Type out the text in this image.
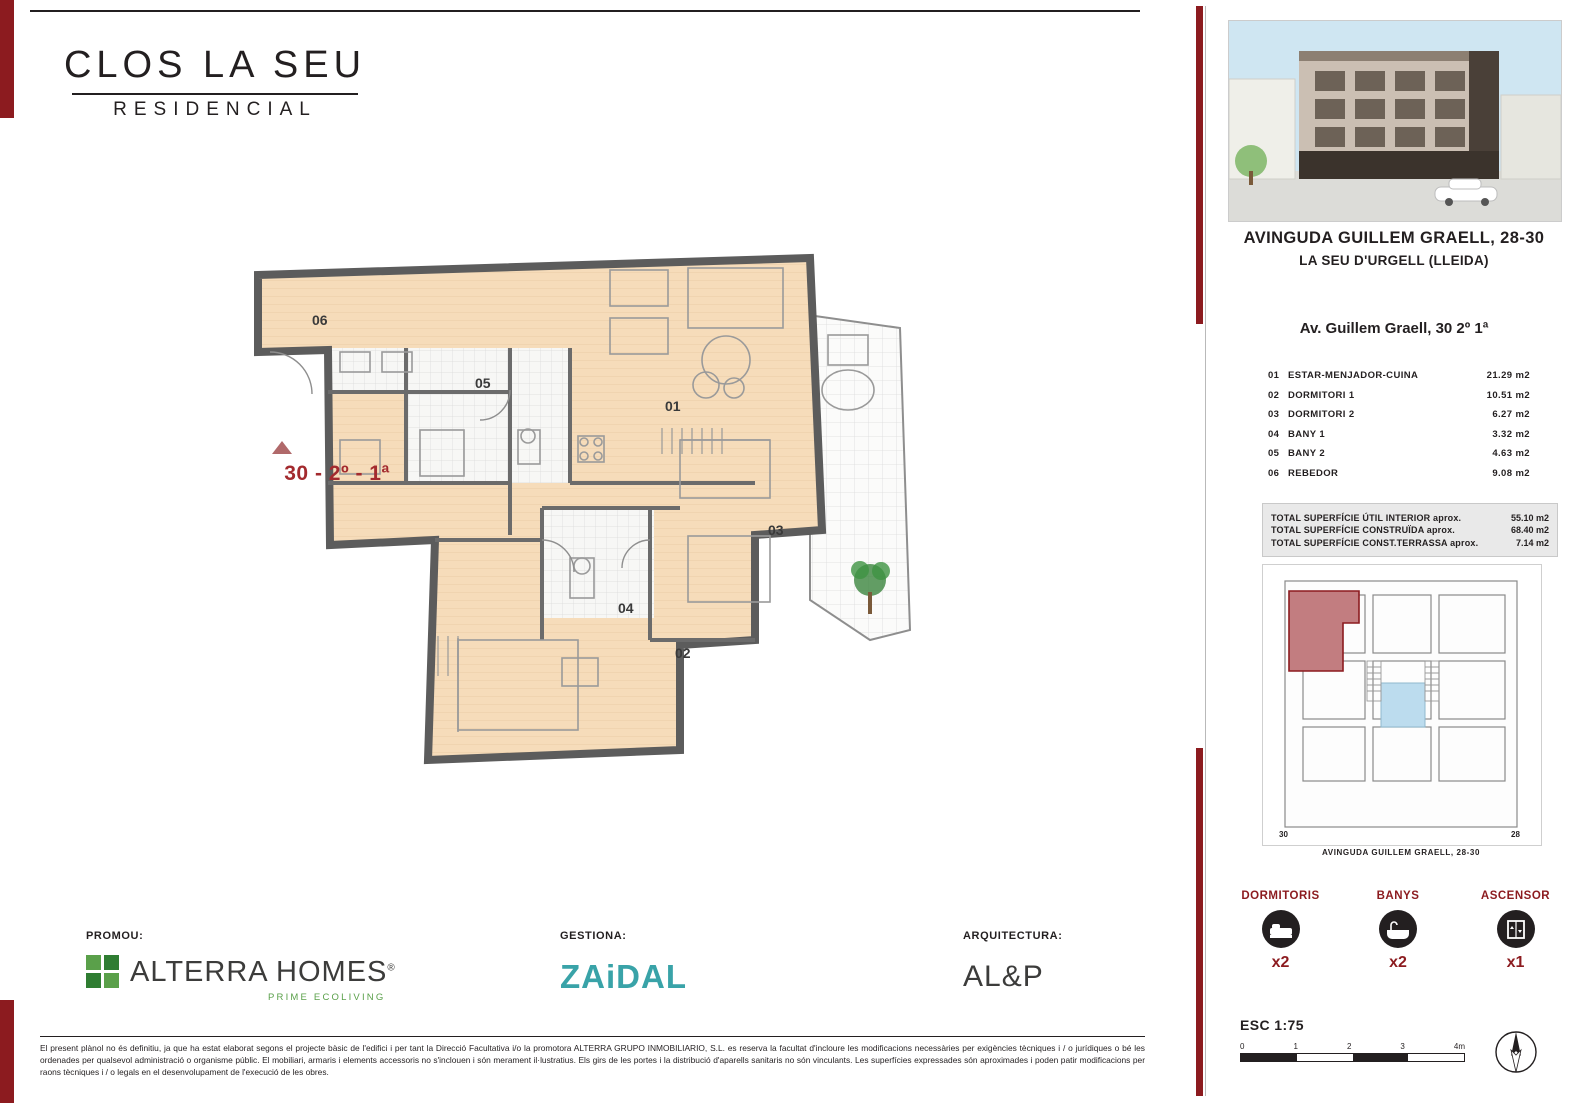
CLOS LA SEU
RESIDENCIAL
06
05
01
03
04
02
30 - 2º - 1ª
AVINGUDA GUILLEM GRAELL, 28-30
LA SEU D'URGELL (LLEIDA)
Av. Guillem Graell, 30 2º 1ª
01 ESTAR-MENJADOR-CUINA	21.29 m2
02 DORMITORI 1	10.51 m2
03 DORMITORI 2	6.27 m2
04 BANY 1	3.32 m2
05 BANY 2	4.63 m2
06 REBEDOR	9.08 m2
TOTAL SUPERFÍCIE ÚTIL INTERIOR aprox.	55.10 m2
TOTAL SUPERFÍCIE CONSTRUÏDA aprox.	68.40 m2
TOTAL SUPERFÍCIE CONST.TERRASSA aprox.	7.14 m2
30	28
AVINGUDA GUILLEM GRAELL, 28-30
DORMITORIS
x2
BANYS
x2
ASCENSOR
x1
ESC 1:75
0	1	2	3	4m
PROMOU:	GESTIONA:	ARQUITECTURA:
ALTERRA HOMES®
PRIME ECOLIVING
ZAiDAL	AL&P
El present plànol no és definitiu, ja que ha estat elaborat segons el projecte bàsic de l'edifici i per tant la Direcció Facultativa i/o la promotora ALTERRA GRUPO INMOBILIARIO, S.L. es reserva la facultat d'incloure les modificacions necessàries per exigències tècniques i / o jurídiques o bé les ordenades per qualsevol administració o organisme públic. El mobiliari, armaris i elements accessoris no s'inclouen i són merament il·lustratius. Els girs de les portes i la distribució d'aparells sanitaris no són vinculants. Les superfícies expressades són aproximades i poden patir modificacions per raons tècniques i / o legals en el desenvolupament de l'execució de les obres.
